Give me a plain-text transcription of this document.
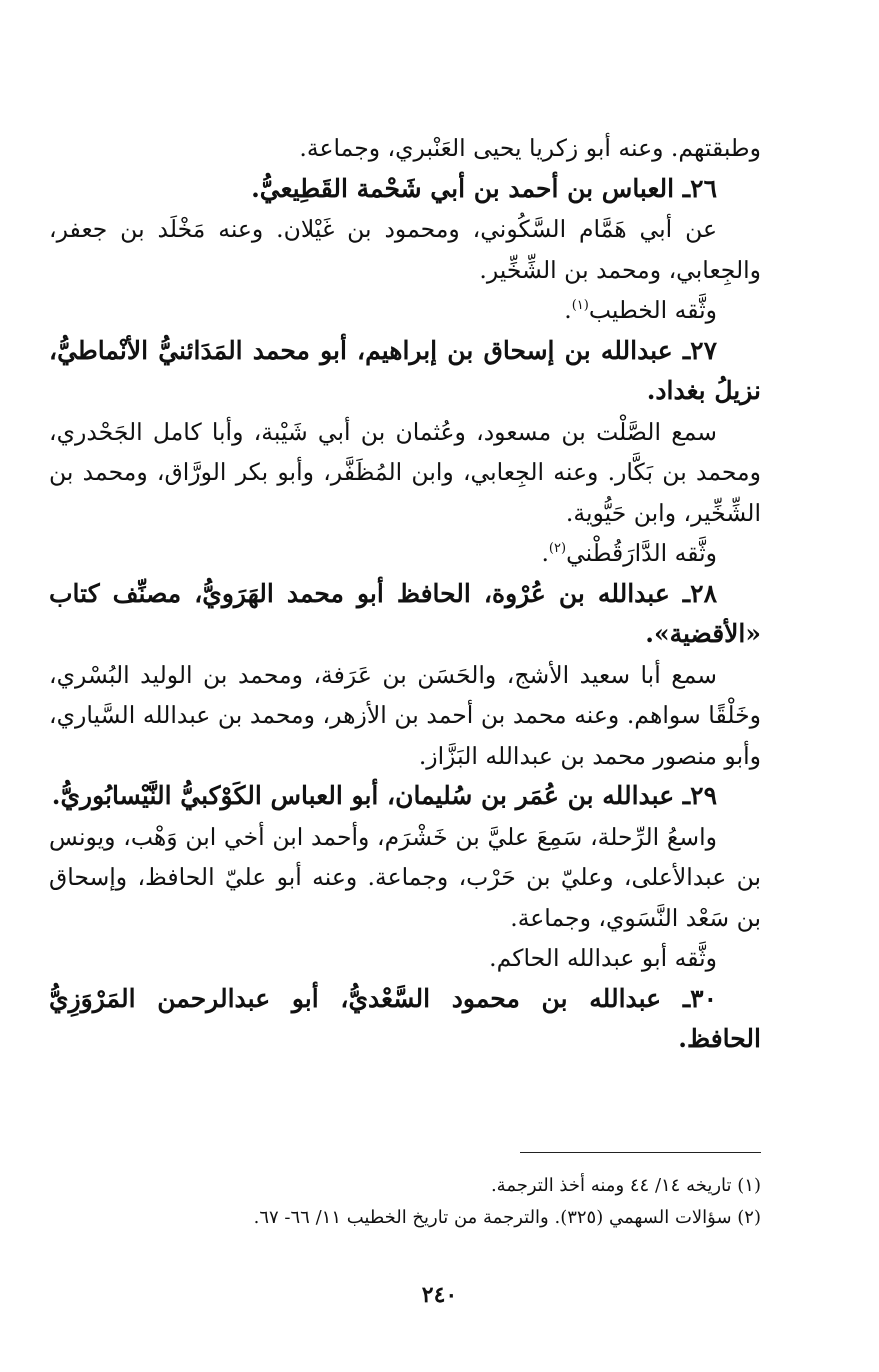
وطبقتهم. وعنه أبو زكريا يحيى العَنْبري، وجماعة.

٢٦ـ العباس بن أحمد بن أبي شَحْمة القَطِيعيُّ.

عن أبي هَمَّام السَّكُوني، ومحمود بن غَيْلان. وعنه مَخْلَد بن جعفر، والجِعابي، ومحمد بن الشِّخِّير.

وثَّقه الخطيب$^{(١)}$.

٢٧ـ عبدالله بن إسحاق بن إبراهيم، أبو محمد المَدَائنيُّ الأنْماطيُّ، نزيلُ بغداد.

سمع الصَّلْت بن مسعود، وعُثمان بن أبي شَيْبة، وأبا كامل الجَحْدري، ومحمد بن بَكَّار. وعنه الجِعابي، وابن المُظَفَّر، وأبو بكر الورَّاق، ومحمد بن الشِّخِّير، وابن حَيُّوية.

وثَّقه الدَّارَقُطْني$^{(٢)}$.

٢٨ـ عبدالله بن عُرْوة، الحافظ أبو محمد الهَرَويُّ، مصنِّف كتاب «الأقضية».

سمع أبا سعيد الأشج، والحَسَن بن عَرَفة، ومحمد بن الوليد البُسْري، وخَلْقًا سواهم. وعنه محمد بن أحمد بن الأزهر، ومحمد بن عبدالله السَّياري، وأبو منصور محمد بن عبدالله البَزَّاز.

٢٩ـ عبدالله بن عُمَر بن سُليمان، أبو العباس الكَوْكبيُّ النَّيْسابُوريُّ.

واسعُ الرِّحلة، سَمِعَ عليَّ بن خَشْرَم، وأحمد ابن أخي ابن وَهْب، ويونس بن عبدالأعلى، وعليّ بن حَرْب، وجماعة. وعنه أبو عليّ الحافظ، وإسحاق بن سَعْد النَّسَوي، وجماعة.

وثَّقه أبو عبدالله الحاكم.

٣٠ـ عبدالله بن محمود السَّعْديُّ، أبو عبدالرحمن المَرْوَزِيُّ الحافظ.

(١) تاريخه ١٤/ ٤٤ ومنه أخذ الترجمة.

(٢) سؤالات السهمي (٣٢٥). والترجمة من تاريخ الخطيب ١١/ ٦٦- ٦٧.

٢٤٠
